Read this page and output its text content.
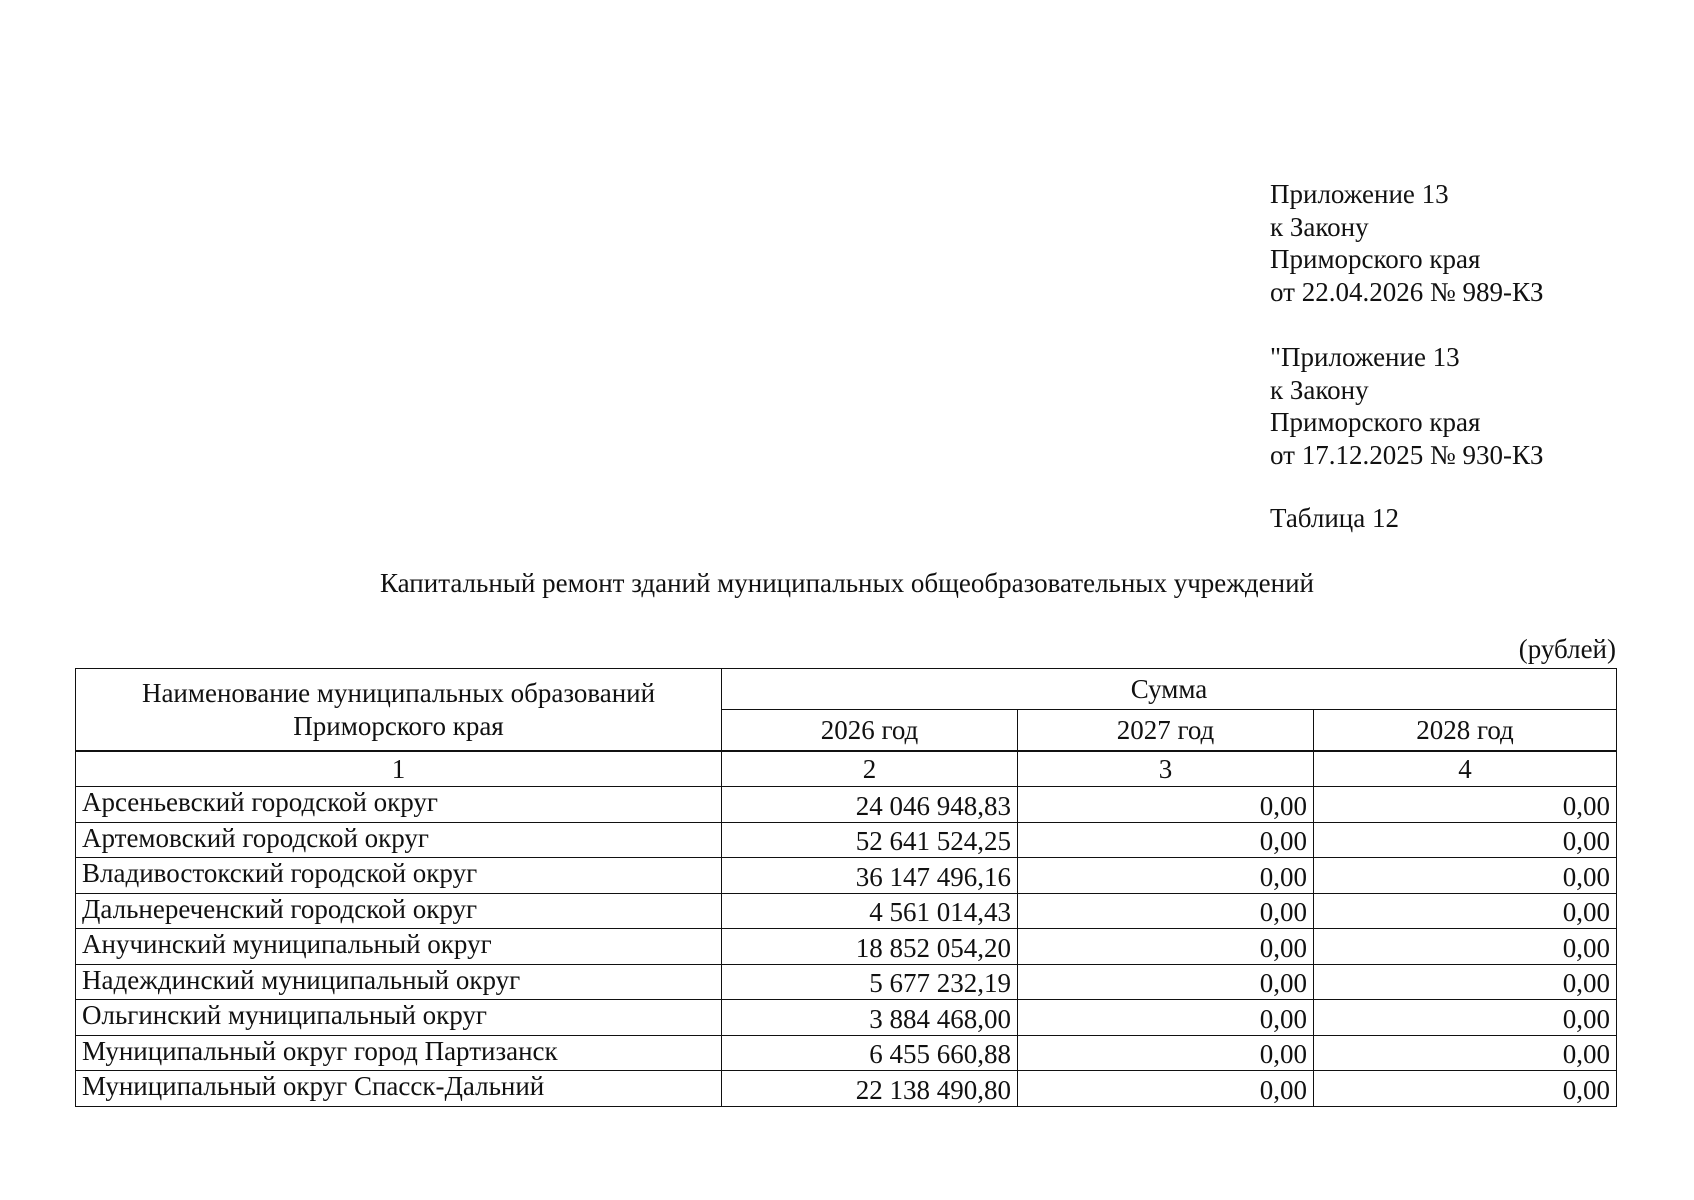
Приложение 13
к Закону
Приморского края
от 22.04.2026 № 989-КЗ
"Приложение 13
к Закону
Приморского края
от 17.12.2025 № 930-КЗ
Таблица 12
Капитальный ремонт зданий муниципальных общеобразовательных учреждений
(рублей)
Наименование муниципальных образований
Приморского края	Сумма		
	2026 год	2027 год	2028 год
1	2	3	4
Арсеньевский городской округ	24 046 948,83	0,00	0,00
Артемовский городской округ	52 641 524,25	0,00	0,00
Владивостокский городской округ	36 147 496,16	0,00	0,00
Дальнереченский городской округ	4 561 014,43	0,00	0,00
Анучинский муниципальный округ	18 852 054,20	0,00	0,00
Надеждинский муниципальный округ	5 677 232,19	0,00	0,00
Ольгинский муниципальный округ	3 884 468,00	0,00	0,00
Муниципальный округ город Партизанск	6 455 660,88	0,00	0,00
Муниципальный округ Спасск-Дальний	22 138 490,80	0,00	0,00
